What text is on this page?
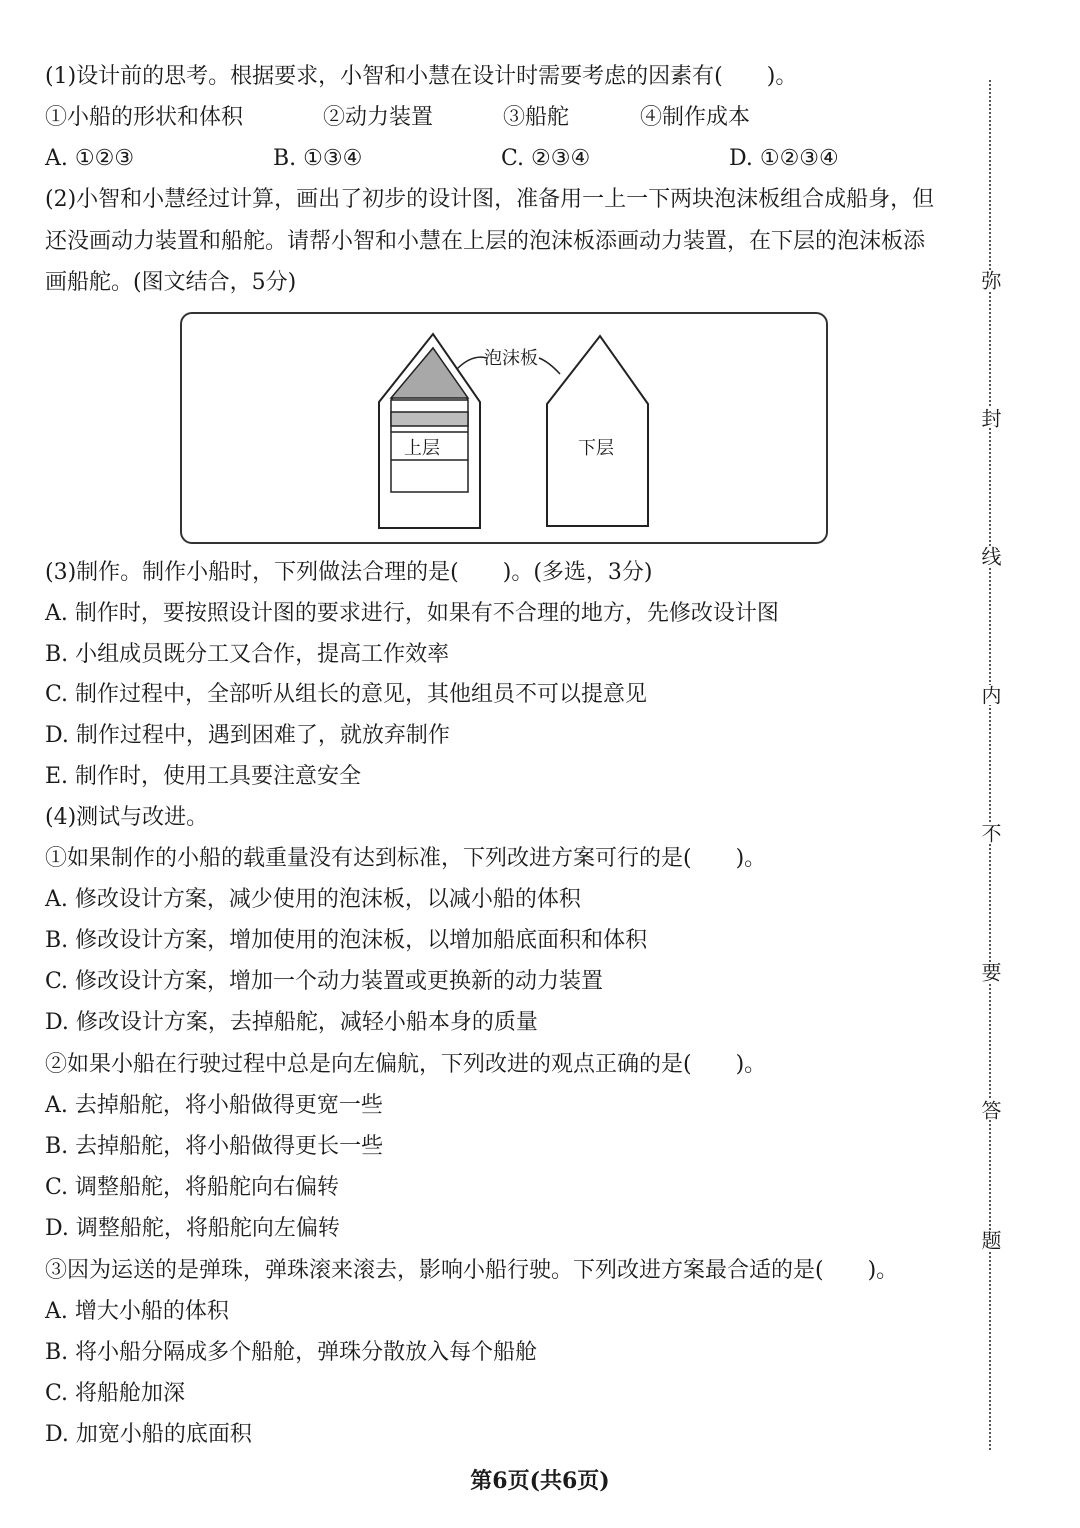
(1)设计前的思考。根据要求，小智和小慧在设计时需要考虑的因素有(　　)。
①小船的形状和体积	②动力装置	③船舵	④制作成本
A. ①②③	B. ①③④	C. ②③④	D. ①②③④
(2)小智和小慧经过计算，画出了初步的设计图，准备用一上一下两块泡沫板组合成船身，但
还没画动力装置和船舵。请帮小智和小慧在上层的泡沫板添画动力装置，在下层的泡沫板添
画船舵。(图文结合，5分)
泡沫板
上层	下层
(3)制作。制作小船时，下列做法合理的是(　　)。(多选，3分)
A. 制作时，要按照设计图的要求进行，如果有不合理的地方，先修改设计图
B. 小组成员既分工又合作，提高工作效率
C. 制作过程中，全部听从组长的意见，其他组员不可以提意见
D. 制作过程中，遇到困难了，就放弃制作
E. 制作时，使用工具要注意安全
(4)测试与改进。
①如果制作的小船的载重量没有达到标准，下列改进方案可行的是(　　)。
A. 修改设计方案，减少使用的泡沫板，以减小船的体积
B. 修改设计方案，增加使用的泡沫板，以增加船底面积和体积
C. 修改设计方案，增加一个动力装置或更换新的动力装置
D. 修改设计方案，去掉船舵，减轻小船本身的质量
②如果小船在行驶过程中总是向左偏航，下列改进的观点正确的是(　　)。
A. 去掉船舵，将小船做得更宽一些
B. 去掉船舵，将小船做得更长一些
C. 调整船舵，将船舵向右偏转
D. 调整船舵，将船舵向左偏转
③因为运送的是弹珠，弹珠滚来滚去，影响小船行驶。下列改进方案最合适的是(　　)。
A. 增大小船的体积
B. 将小船分隔成多个船舱，弹珠分散放入每个船舱
C. 将船舱加深
D. 加宽小船的底面积
弥
封
线
内
不
要
答
题
第6页(共6页)
